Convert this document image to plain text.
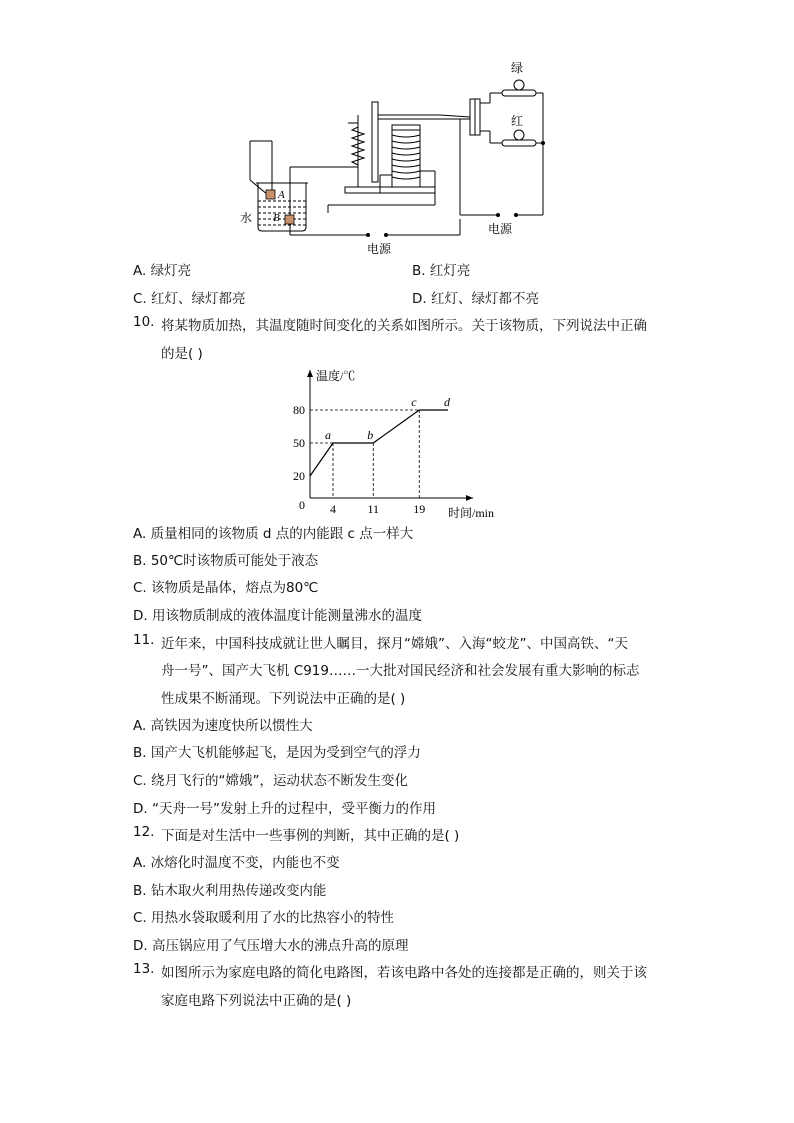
A
B
水
绿
红
电源
电源
A. 绿灯亮	B. 红灯亮
C. 红灯、绿灯都亮	D. 红灯、绿灯都不亮
10. 将某物质加热，其温度随时间变化的关系如图所示。关于该物质，下列说法中正确
的是( )
4	11	19
20
50
80
a	b
c d
温度/℃
时间/min
0
A. 质量相同的该物质 d 点的内能跟 c 点一样大
B. 50℃时该物质可能处于液态
C. 该物质是晶体，熔点为80℃
D. 用该物质制成的液体温度计能测量沸水的温度
11. 近年来，中国科技成就让世人瞩目，探月“嫦娥”、入海“蛟龙”、中国高铁、“天
舟一号”、国产大飞机 C919……一大批对国民经济和社会发展有重大影响的标志
性成果不断涌现。下列说法中正确的是( )
A. 高铁因为速度快所以惯性大
B. 国产大飞机能够起飞，是因为受到空气的浮力
C. 绕月飞行的“嫦娥”，运动状态不断发生变化
D. “天舟一号”发射上升的过程中，受平衡力的作用
12. 下面是对生活中一些事例的判断，其中正确的是( )
A. 冰熔化时温度不变，内能也不变
B. 钻木取火利用热传递改变内能
C. 用热水袋取暖利用了水的比热容小的特性
D. 高压锅应用了气压增大水的沸点升高的原理
13. 如图所示为家庭电路的简化电路图，若该电路中各处的连接都是正确的，则关于该
家庭电路下列说法中正确的是( )
